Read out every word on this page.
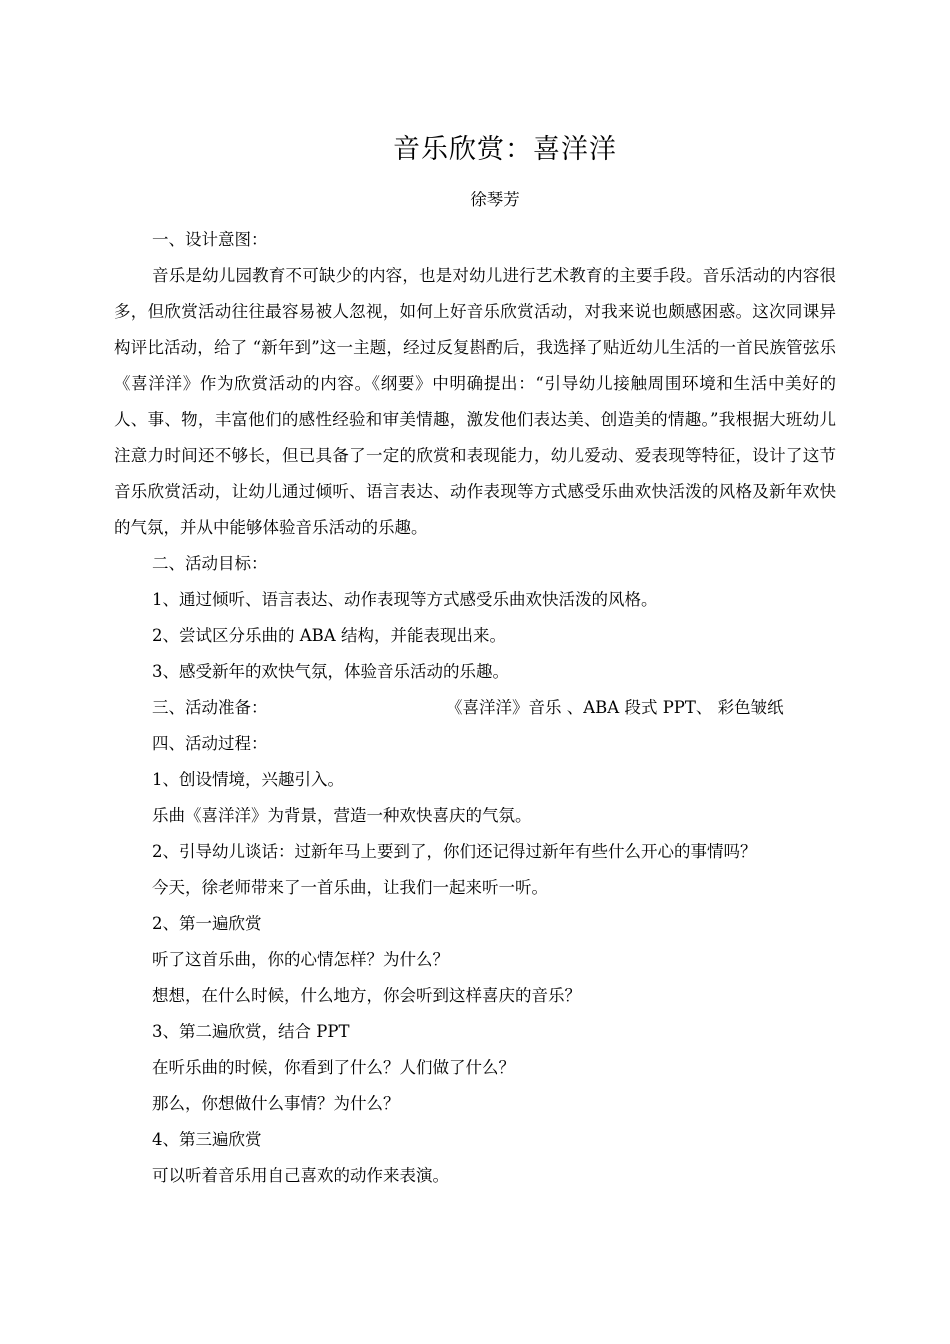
音乐欣赏：喜洋洋
徐琴芳
一、设计意图：

音乐是幼儿园教育不可缺少的内容，也是对幼儿进行艺术教育的主要手段。音乐活动的内容很多，但欣赏活动往往最容易被人忽视，如何上好音乐欣赏活动，对我来说也颇感困惑。这次同课异构评比活动，给了 “新年到”这一主题，经过反复斟酌后，我选择了贴近幼儿生活的一首民族管弦乐《喜洋洋》作为欣赏活动的内容。《纲要》中明确提出：“引导幼儿接触周围环境和生活中美好的人、事、物，丰富他们的感性经验和审美情趣，激发他们表达美、创造美的情趣。”我根据大班幼儿注意力时间还不够长，但已具备了一定的欣赏和表现能力，幼儿爱动、爱表现等特征，设计了这节音乐欣赏活动，让幼儿通过倾听、语言表达、动作表现等方式感受乐曲欢快活泼的风格及新年欢快的气氛，并从中能够体验音乐活动的乐趣。

二、活动目标：
1、通过倾听、语言表达、动作表现等方式感受乐曲欢快活泼的风格。
2、尝试区分乐曲的 ABA 结构，并能表现出来。
3、感受新年的欢快气氛，体验音乐活动的乐趣。
三、活动准备：	《喜洋洋》音乐 、ABA 段式 PPT、 彩色皱纸
四、活动过程：
1、创设情境，兴趣引入。
乐曲《喜洋洋》为背景，营造一种欢快喜庆的气氛。
2、引导幼儿谈话：过新年马上要到了，你们还记得过新年有些什么开心的事情吗？
今天，徐老师带来了一首乐曲，让我们一起来听一听。
2、第一遍欣赏
听了这首乐曲，你的心情怎样？为什么？
想想，在什么时候，什么地方，你会听到这样喜庆的音乐？
3、第二遍欣赏，结合 PPT
在听乐曲的时候，你看到了什么？人们做了什么？
那么，你想做什么事情？为什么？
4、第三遍欣赏
可以听着音乐用自己喜欢的动作来表演。
